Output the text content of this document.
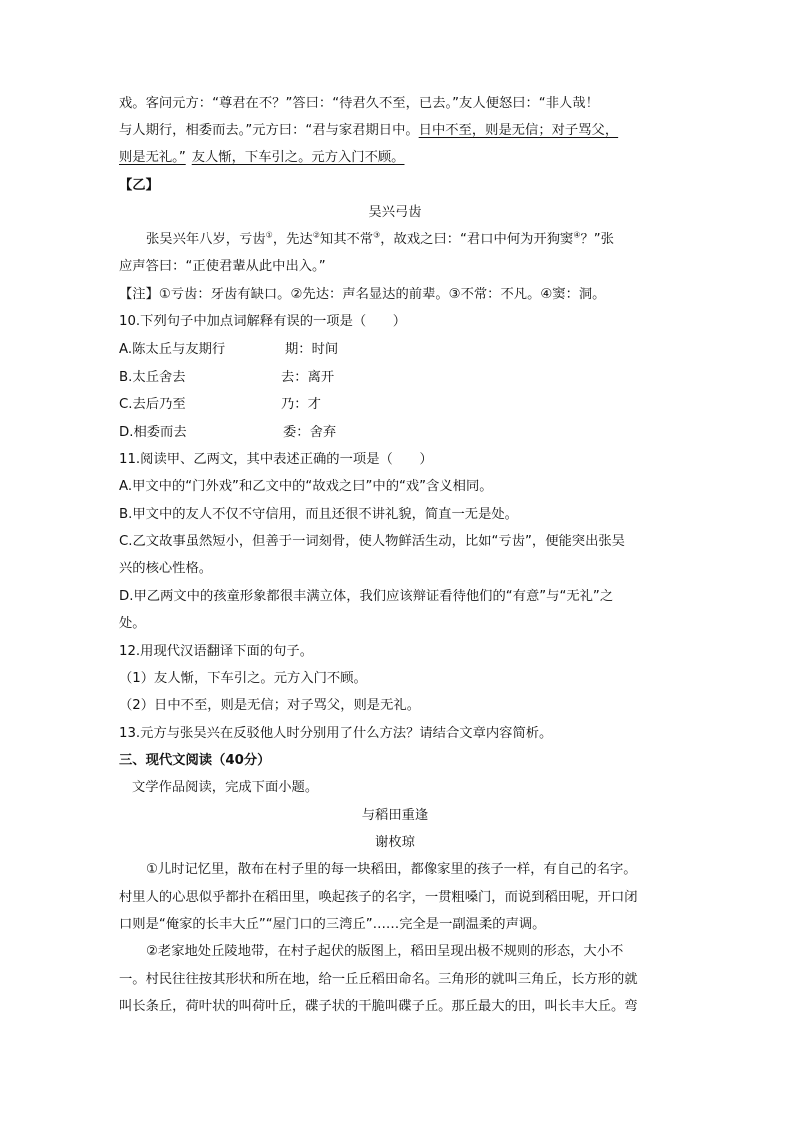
戏。客问元方：“尊君在不？”答曰：“待君久不至，已去。”友人便怒曰：“非人哉！
与人期行，相委而去。”元方曰：“君与家君期日中。日中不至，则是无信；对子骂父，
则是无礼。” 友人惭，下车引之。元方入门不顾。
【乙】
吴兴弓齿
张吴兴年八岁，亏齿①，先达②知其不常③，故戏之曰：“君口中何为开狗窦④？”张
应声答曰：“正使君輩从此中出入。”
【注】①亏齿：牙齿有缺口。②先达：声名显达的前辈。③不常：不凡。④窦：洞。
10.下列句子中加点词解释有误的一项是（　　）
A.陈太丘与友期行	期：时间
B.太丘舍去	去：离开
C.去后乃至	乃：才
D.相委而去	委：舍弃
11.阅读甲、乙两文，其中表述正确的一项是（　　）
A.甲文中的“门外戏”和乙文中的“故戏之曰”中的“戏”含义相同。
B.甲文中的友人不仅不守信用，而且还很不讲礼貌，简直一无是处。
C.乙文故事虽然短小，但善于一词刻骨，使人物鲜活生动，比如“亏齿”，便能突出张吴
兴的核心性格。
D.甲乙两文中的孩童形象都很丰满立体，我们应该辩证看待他们的“有意”与“无礼”之
处。
12.用现代汉语翻译下面的句子。
（1）友人惭，下车引之。元方入门不顾。
（2）日中不至，则是无信；对子骂父，则是无礼。
13.元方与张吴兴在反驳他人时分别用了什么方法？请结合文章内容简析。
三、现代文阅读（40分）
文学作品阅读，完成下面小题。
与稻田重逢
谢枚琼
①儿时记忆里，散布在村子里的每一块稻田，都像家里的孩子一样，有自己的名字。
村里人的心思似乎都扑在稻田里，唤起孩子的名字，一贯粗嗓门，而说到稻田呢，开口闭
口则是“俺家的长丰大丘”“屋门口的三湾丘”……完全是一副温柔的声调。
②老家地处丘陵地带，在村子起伏的版图上，稻田呈现出极不规则的形态，大小不
一。村民往往按其形状和所在地，给一丘丘稻田命名。三角形的就叫三角丘，长方形的就
叫长条丘，荷叶状的叫荷叶丘，碟子状的干脆叫碟子丘。那丘最大的田，叫长丰大丘。弯
